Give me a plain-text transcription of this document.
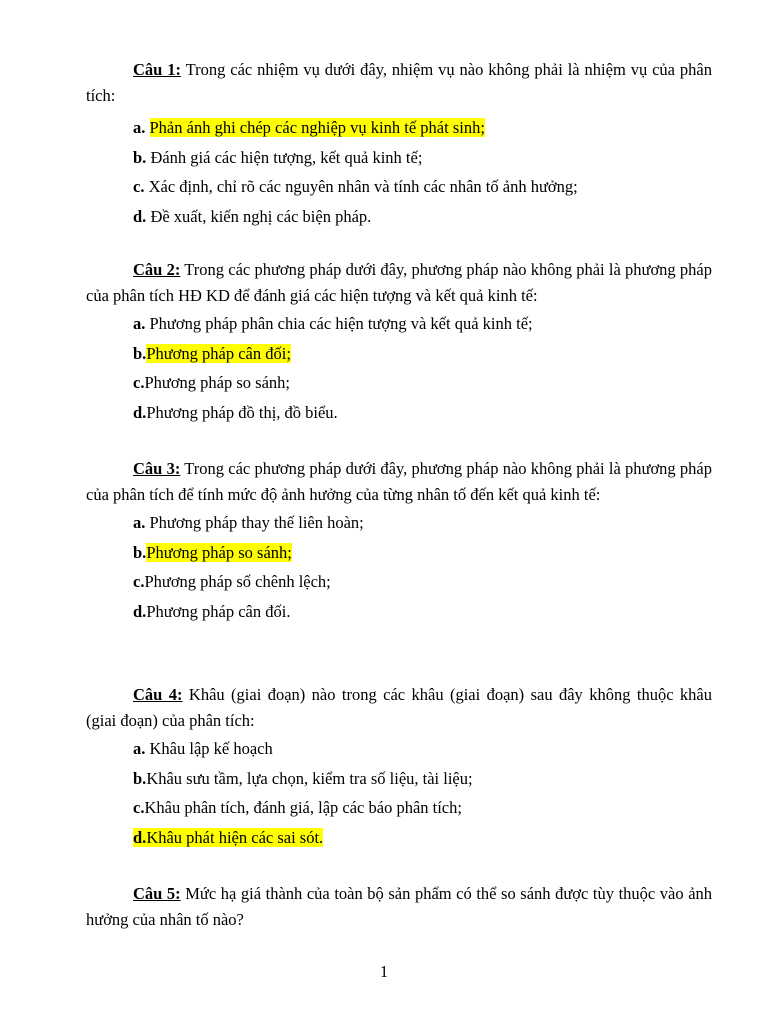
Câu 1: Trong các nhiệm vụ dưới đây, nhiệm vụ nào không phải là nhiệm vụ của phân tích:

a. Phản ánh ghi chép các nghiệp vụ kinh tế phát sinh;
b. Đánh giá các hiện tượng, kết quả kinh tế;
c. Xác định, chỉ rõ các nguyên nhân và tính các nhân tố ảnh hưởng;
d. Đề xuất, kiến nghị các biện pháp.

Câu 2: Trong các phương pháp dưới đây, phương pháp nào không phải là phương pháp của phân tích HĐ KD để đánh giá các hiện tượng và kết quả kinh tế:

a. Phương pháp phân chia các hiện tượng và kết quả kinh tế;
b.Phương pháp cân đối;
c.Phương pháp so sánh;
d.Phương pháp đồ thị, đồ biểu.

Câu 3: Trong các phương pháp dưới đây, phương pháp nào không phải là phương pháp của phân tích để tính mức độ ảnh hưởng của từng nhân tố đến kết quả kinh tế:

a. Phương pháp thay thế liên hoàn;
b.Phương pháp so sánh;
c.Phương pháp số chênh lệch;
d.Phương pháp cân đối.

Câu 4: Khâu (giai đoạn) nào trong các khâu (giai đoạn) sau đây không thuộc khâu (giai đoạn) của phân tích:

a. Khâu lập kế hoạch
b.Khâu sưu tầm, lựa chọn, kiểm tra số liệu, tài liệu;
c.Khâu phân tích, đánh giá, lập các báo phân tích;
d.Khâu phát hiện các sai sót.

Câu 5: Mức hạ giá thành của toàn bộ sản phẩm có thể so sánh được tùy thuộc vào ảnh hưởng của nhân tố nào?

1
